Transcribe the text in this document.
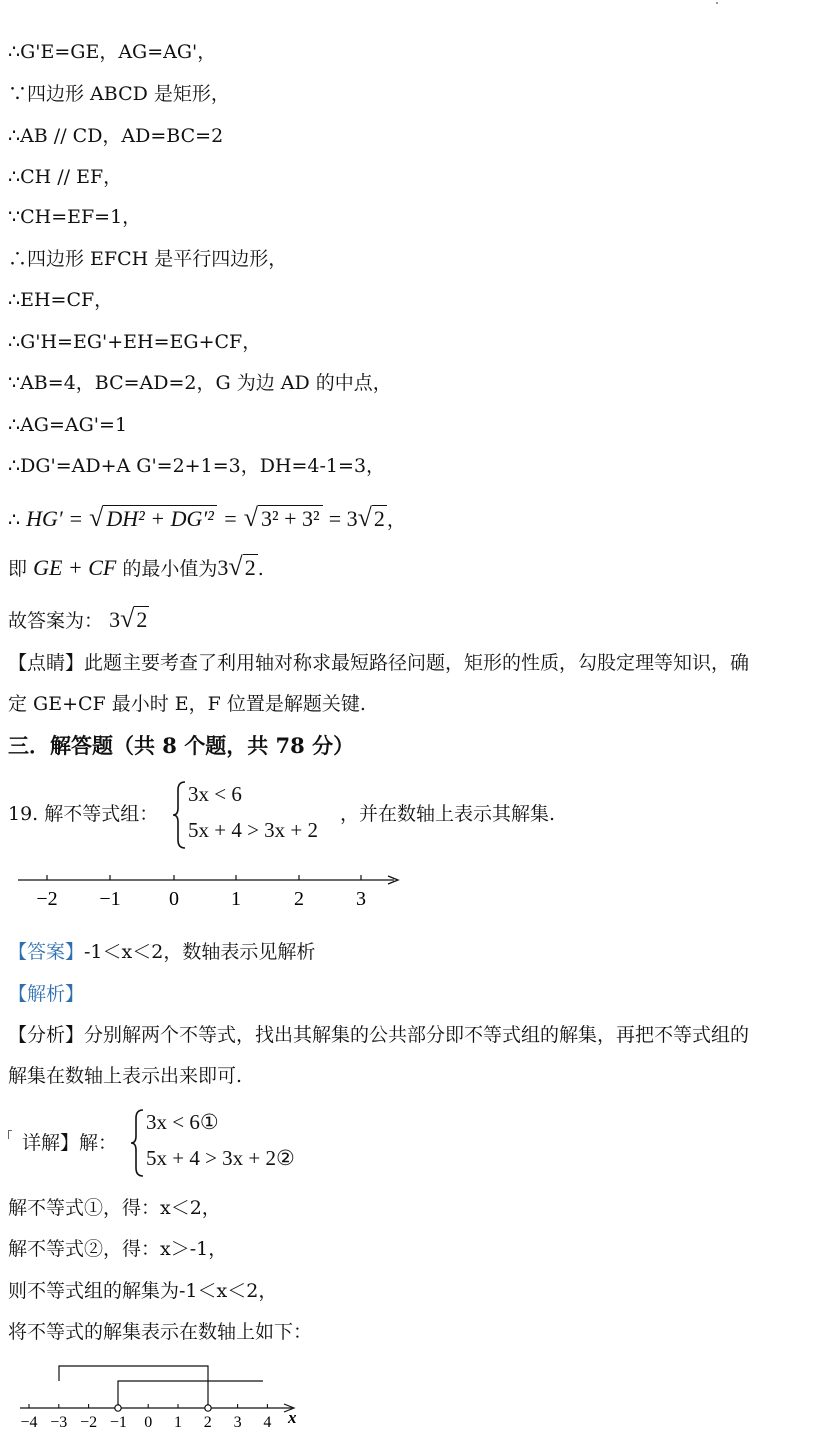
∴G'E=GE，AG=AG'，
∵四边形 ABCD 是矩形，
∴AB // CD，AD=BC=2
∴CH // EF，
∵CH=EF=1，
∴四边形 EFCH 是平行四边形，
∴EH=CF，
∴G'H=EG'+EH=EG+CF，
∵AB=4，BC=AD=2，G 为边 AD 的中点，
∴AG=AG'=1
∴DG'=AD+A G'=2+1=3，DH=4-1=3，
∴ HG′ = √ DH² + DG′² = √ 3² + 3² = 3√2 ，
即 GE + CF 的最小值为3√2 .
故答案为： 3√2
【点睛】此题主要考查了利用轴对称求最短路径问题，矩形的性质，勾股定理等知识，确
定 GE+CF 最小时 E，F 位置是解题关键.
三．解答题（共 8 个题，共 78 分）
19. 解不等式组：
3x < 6
5x + 4 > 3x + 2
，并在数轴上表示其解集.
−2 −1 0	1	2	3
【答案】-1＜x＜2，数轴表示见解析
【解析】
【分析】分别解两个不等式，找出其解集的公共部分即不等式组的解集，再把不等式组的
解集在数轴上表示出来即可.
详解】解：
3x < 6①
5x + 4 > 3x + 2②
解不等式①，得：x＜2，
解不等式②，得：x＞-1，
则不等式组的解集为-1＜x＜2，
将不等式的解集表示在数轴上如下：
−4 −3 −2 −1 0 1 2 3 4 x
